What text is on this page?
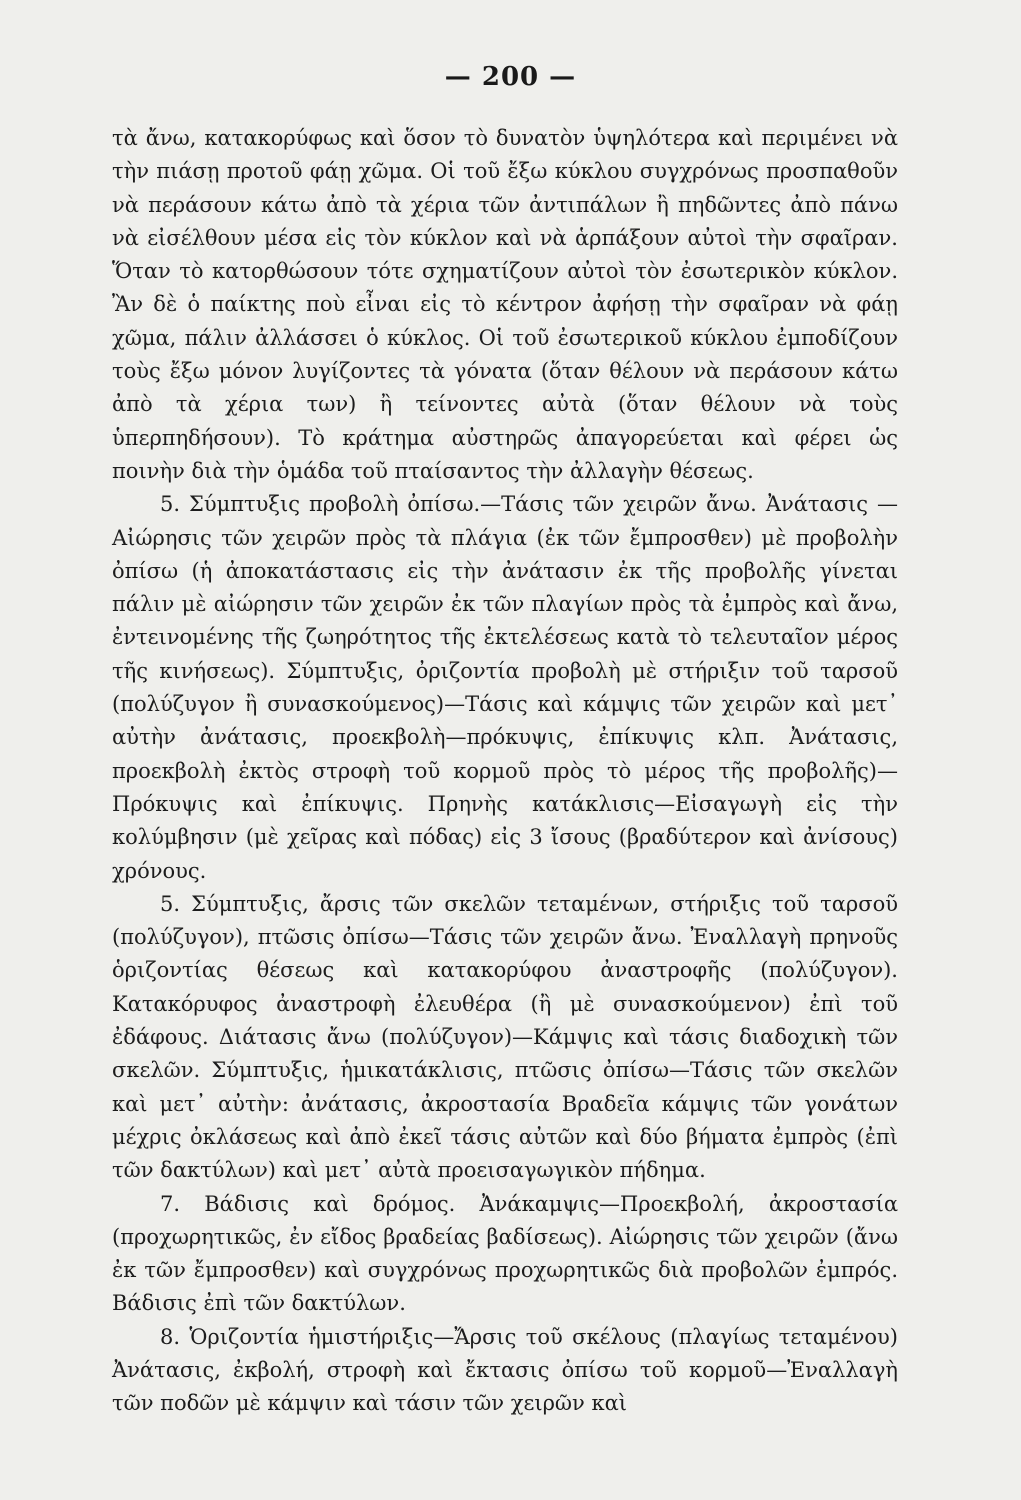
— 200 —

τὰ ἄνω, κατακορύφως καὶ ὅσον τὸ δυνατὸν ὑψηλότερα καὶ περιμένει νὰ τὴν πιάσῃ προτοῦ φάῃ χῶμα. Οἱ τοῦ ἔξω κύκλου συγχρόνως προσπαθοῦν νὰ περάσουν κάτω ἀπὸ τὰ χέρια τῶν ἀντιπάλων ἢ πηδῶντες ἀπὸ πάνω νὰ εἰσέλθουν μέσα εἰς τὸν κύκλον καὶ νὰ ἁρπάξουν αὐτοὶ τὴν σφαῖραν. Ὅταν τὸ κατορθώσουν τότε σχηματίζουν αὐτοὶ τὸν ἐσωτερικὸν κύκλον. Ἂν δὲ ὁ παίκτης ποὺ εἶναι εἰς τὸ κέντρον ἀφήσῃ τὴν σφαῖραν νὰ φάῃ χῶμα, πάλιν ἀλλάσσει ὁ κύκλος. Οἱ τοῦ ἐσωτερικοῦ κύκλου ἐμποδίζουν τοὺς ἔξω μόνον λυγίζοντες τὰ γόνατα (ὅταν θέλουν νὰ περάσουν κάτω ἀπὸ τὰ χέρια των) ἢ τείνοντες αὐτὰ (ὅταν θέλουν νὰ τοὺς ὑπερπηδήσουν). Τὸ κράτημα αὐστηρῶς ἀπαγορεύεται καὶ φέρει ὡς ποινὴν διὰ τὴν ὁμάδα τοῦ πταίσαντος τὴν ἀλλαγὴν θέσεως.

5. Σύμπτυξις προβολὴ ὀπίσω.—Τάσις τῶν χειρῶν ἄνω. Ἀνάτασις —Αἰώρησις τῶν χειρῶν πρὸς τὰ πλάγια (ἐκ τῶν ἔμπροσθεν) μὲ προβολὴν ὀπίσω (ἡ ἀποκατάστασις εἰς τὴν ἀνάτασιν ἐκ τῆς προβολῆς γίνεται πάλιν μὲ αἰώρησιν τῶν χειρῶν ἐκ τῶν πλαγίων πρὸς τὰ ἐμπρὸς καὶ ἄνω, ἐντεινομένης τῆς ζωηρότητος τῆς ἐκτελέσεως κατὰ τὸ τελευταῖον μέρος τῆς κινήσεως). Σύμπτυξις, ὀριζοντία προβολὴ μὲ στήριξιν τοῦ ταρσοῦ (πολύζυγον ἢ συνασκούμενος)—Τάσις καὶ κάμψις τῶν χειρῶν καὶ μετ᾽ αὐτὴν ἀνάτασις, προεκβολὴ—πρόκυψις, ἐπίκυψις κλπ. Ἀνάτασις, προεκβολὴ ἐκτὸς στροφὴ τοῦ κορμοῦ πρὸς τὸ μέρος τῆς προβολῆς)—Πρόκυψις καὶ ἐπίκυψις. Πρηνὴς κατάκλισις—Εἰσαγωγὴ εἰς τὴν κολύμβησιν (μὲ χεῖρας καὶ πόδας) εἰς 3 ἴσους (βραδύτερον καὶ ἀνίσους) χρόνους.

5. Σύμπτυξις, ἄρσις τῶν σκελῶν τεταμένων, στήριξις τοῦ ταρσοῦ (πολύζυγον), πτῶσις ὀπίσω—Τάσις τῶν χειρῶν ἄνω. Ἐναλλαγὴ πρηνοῦς ὁριζοντίας θέσεως καὶ κατακορύφου ἀναστροφῆς (πολύζυγον). Κατακόρυφος ἀναστροφὴ ἐλευθέρα (ἢ μὲ συνασκούμενον) ἐπὶ τοῦ ἐδάφους. Διάτασις ἄνω (πολύζυγον)—Κάμψις καὶ τάσις διαδοχικὴ τῶν σκελῶν. Σύμπτυξις, ἡμικατάκλισις, πτῶσις ὀπίσω—Τάσις τῶν σκελῶν καὶ μετ᾽ αὐτὴν: ἀνάτασις, ἀκροστασία Βραδεῖα κάμψις τῶν γονάτων μέχρις ὀκλάσεως καὶ ἀπὸ ἐκεῖ τάσις αὐτῶν καὶ δύο βήματα ἐμπρὸς (ἐπὶ τῶν δακτύλων) καὶ μετ᾽ αὐτὰ προεισαγωγικὸν πήδημα.

7. Βάδισις καὶ δρόμος. Ἀνάκαμψις—Προεκβολή, ἀκροστασία (προχωρητικῶς, ἐν εἴδος βραδείας βαδίσεως). Αἰώρησις τῶν χειρῶν (ἄνω ἐκ τῶν ἔμπροσθεν) καὶ συγχρόνως προχωρητικῶς διὰ προβολῶν ἐμπρός. Βάδισις ἐπὶ τῶν δακτύλων.

8. Ὁριζοντία ἡμιστήριξις—Ἄρσις τοῦ σκέλους (πλαγίως τεταμένου) Ἀνάτασις, ἐκβολή, στροφὴ καὶ ἔκτασις ὀπίσω τοῦ κορμοῦ—Ἐναλλαγὴ τῶν ποδῶν μὲ κάμψιν καὶ τάσιν τῶν χειρῶν καὶ
